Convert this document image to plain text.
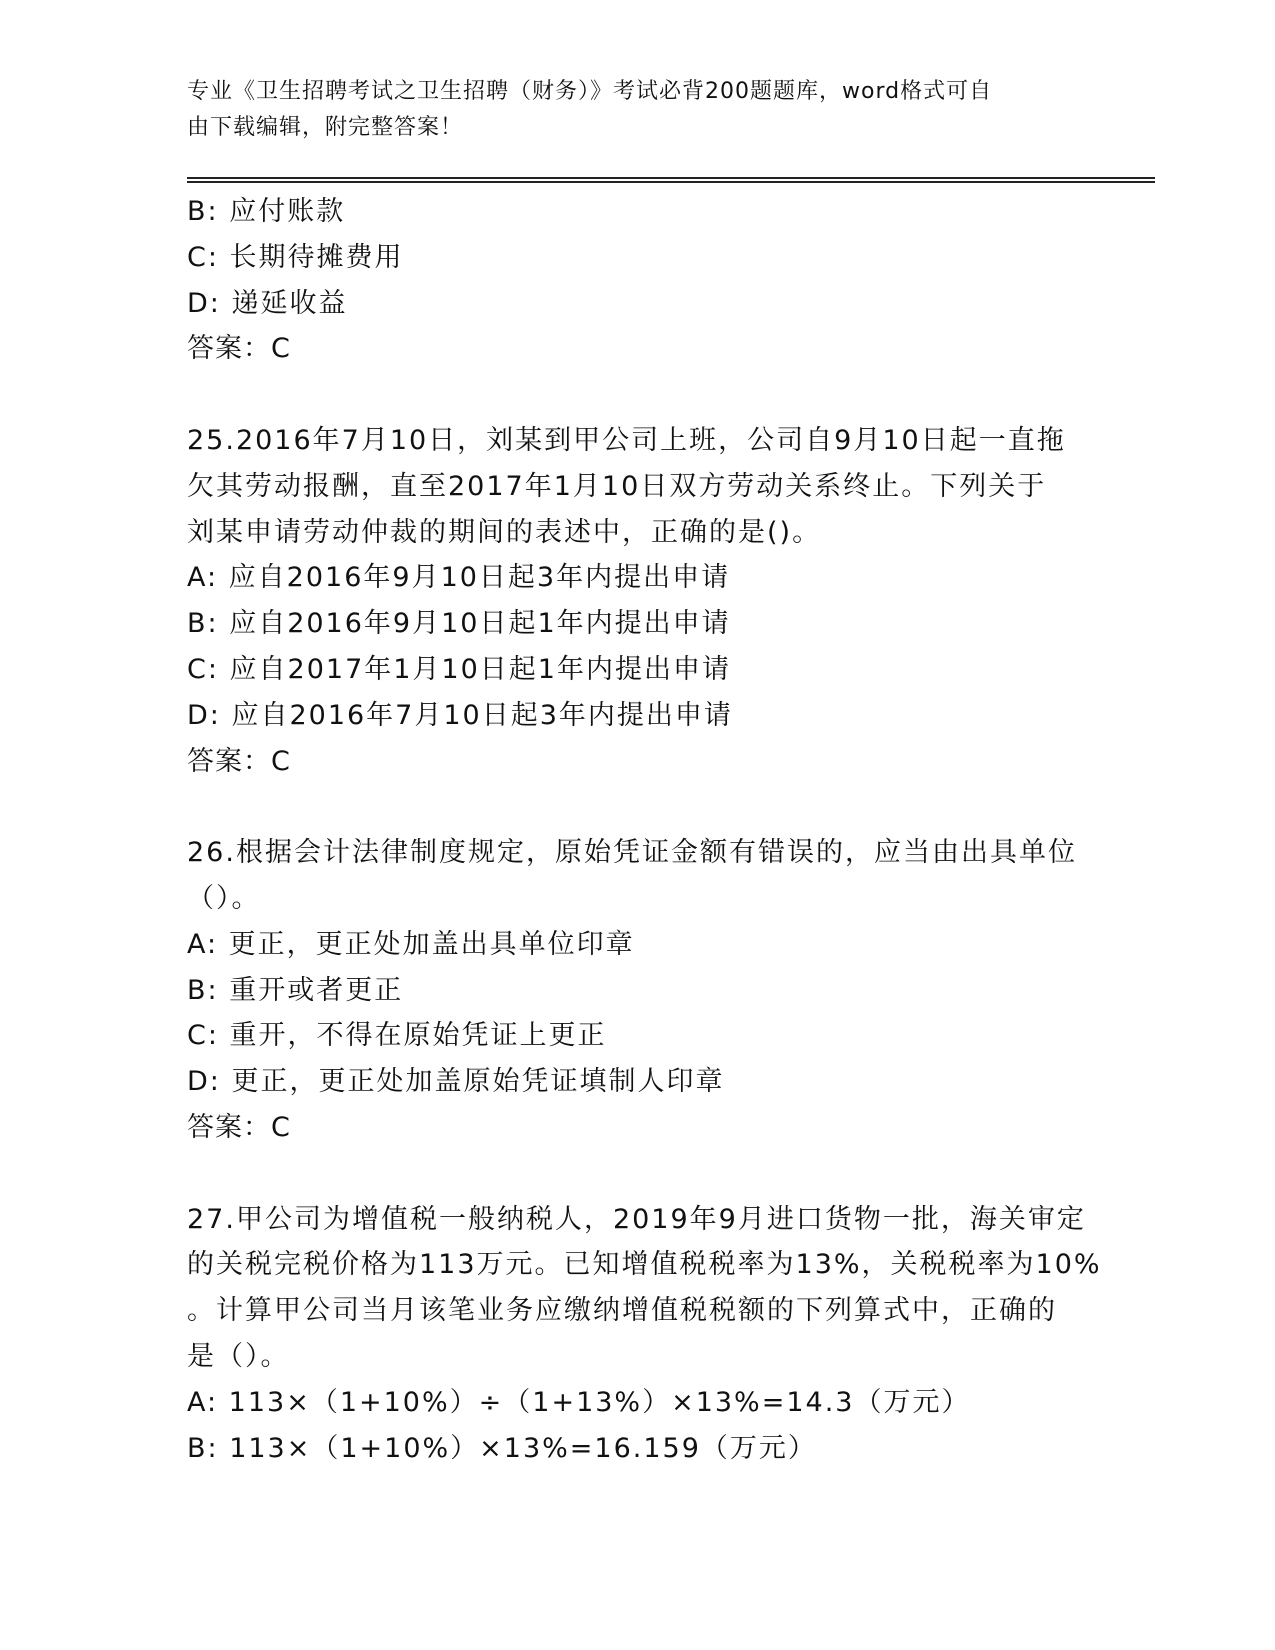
专业《卫生招聘考试之卫生招聘（财务）》考试必背200题题库，word格式可自
由下载编辑，附完整答案！
B: 应付账款
C: 长期待摊费用
D: 递延收益
答案：C
25.2016年7月10日，刘某到甲公司上班，公司自9月10日起一直拖
欠其劳动报酬，直至2017年1月10日双方劳动关系终止。下列关于
刘某申请劳动仲裁的期间的表述中，正确的是()。
A: 应自2016年9月10日起3年内提出申请
B: 应自2016年9月10日起1年内提出申请
C: 应自2017年1月10日起1年内提出申请
D: 应自2016年7月10日起3年内提出申请
答案：C
26.根据会计法律制度规定，原始凭证金额有错误的，应当由出具单位
（）。
A: 更正，更正处加盖出具单位印章
B: 重开或者更正
C: 重开，不得在原始凭证上更正
D: 更正，更正处加盖原始凭证填制人印章
答案：C
27.甲公司为增值税一般纳税人，2019年9月进口货物一批，海关审定
的关税完税价格为113万元。已知增值税税率为13%，关税税率为10%
。计算甲公司当月该笔业务应缴纳增值税税额的下列算式中，正确的
是（）。
A: 113×（1+10%）÷（1+13%）×13%=14.3（万元）
B: 113×（1+10%）×13%=16.159（万元）
